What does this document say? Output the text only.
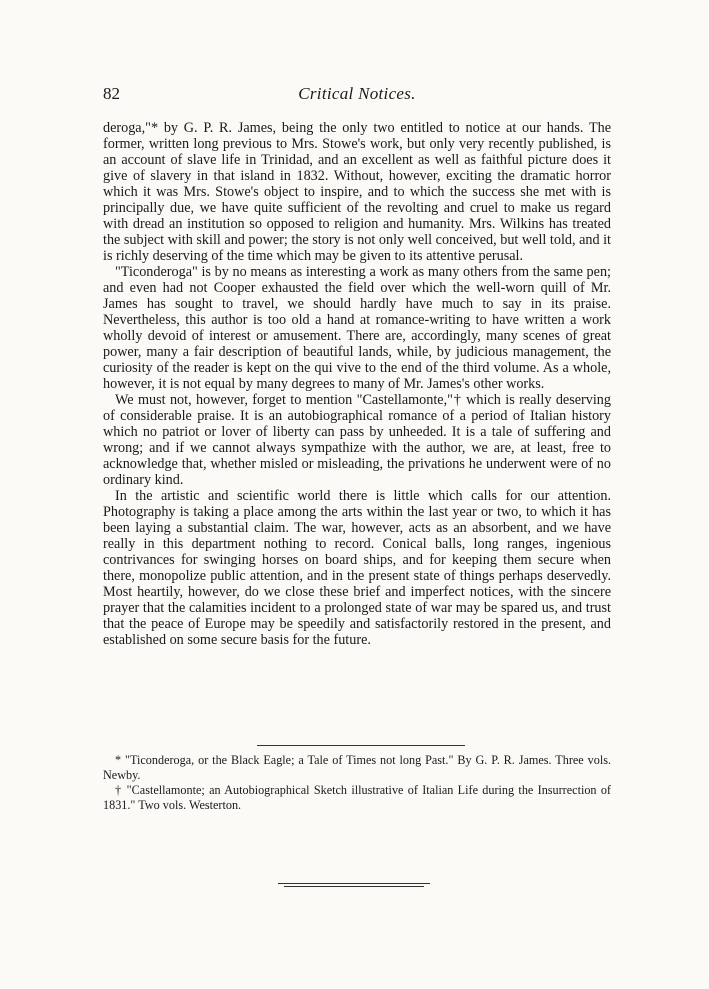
82	Critical Notices.

deroga,"* by G. P. R. James, being the only two entitled to notice at our hands. The former, written long previous to Mrs. Stowe's work, but only very recently published, is an account of slave life in Trinidad, and an excellent as well as faithful picture does it give of slavery in that island in 1832. Without, however, exciting the dramatic horror which it was Mrs. Stowe's object to inspire, and to which the success she met with is principally due, we have quite sufficient of the revolting and cruel to make us regard with dread an institution so opposed to religion and humanity. Mrs. Wilkins has treated the subject with skill and power; the story is not only well conceived, but well told, and it is richly deserving of the time which may be given to its attentive perusal.

"Ticonderoga" is by no means as interesting a work as many others from the same pen; and even had not Cooper exhausted the field over which the well-worn quill of Mr. James has sought to travel, we should hardly have much to say in its praise. Nevertheless, this author is too old a hand at romance-writing to have written a work wholly devoid of interest or amusement. There are, accordingly, many scenes of great power, many a fair description of beautiful lands, while, by judicious management, the curiosity of the reader is kept on the qui vive to the end of the third volume. As a whole, however, it is not equal by many degrees to many of Mr. James's other works.

We must not, however, forget to mention "Castellamonte,"† which is really deserving of considerable praise. It is an autobiographical romance of a period of Italian history which no patriot or lover of liberty can pass by unheeded. It is a tale of suffering and wrong; and if we cannot always sympathize with the author, we are, at least, free to acknowledge that, whether misled or misleading, the privations he underwent were of no ordinary kind.

In the artistic and scientific world there is little which calls for our attention. Photography is taking a place among the arts within the last year or two, to which it has been laying a substantial claim. The war, however, acts as an absorbent, and we have really in this department nothing to record. Conical balls, long ranges, ingenious contrivances for swinging horses on board ships, and for keeping them secure when there, monopolize public attention, and in the present state of things perhaps deservedly. Most heartily, however, do we close these brief and imperfect notices, with the sincere prayer that the calamities incident to a prolonged state of war may be spared us, and trust that the peace of Europe may be speedily and satisfactorily restored in the present, and established on some secure basis for the future.

* "Ticonderoga, or the Black Eagle; a Tale of Times not long Past." By G. P. R. James. Three vols. Newby.

† "Castellamonte; an Autobiographical Sketch illustrative of Italian Life during the Insurrection of 1831." Two vols. Westerton.
